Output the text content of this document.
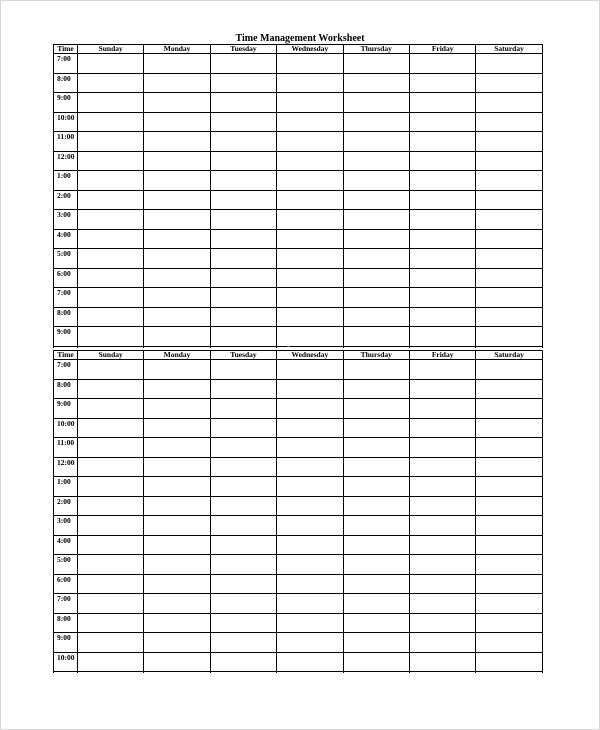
Time Management Worksheet
Time	Sunday	Monday	Tuesday	Wednesday	Thursday	Friday	Saturday
7:00							
8:00							
9:00							
10:00							
11:00							
12:00							
1:00							
2:00							
3:00							
4:00							
5:00							
6:00							
7:00							
8:00							
9:00							

Time	Sunday	Monday	Tuesday	Wednesday	Thursday	Friday	Saturday
7:00							
8:00							
9:00							
10:00							
11:00							
12:00							
1:00							
2:00							
3:00							
4:00							
5:00							
6:00							
7:00							
8:00							
9:00							
10:00							
